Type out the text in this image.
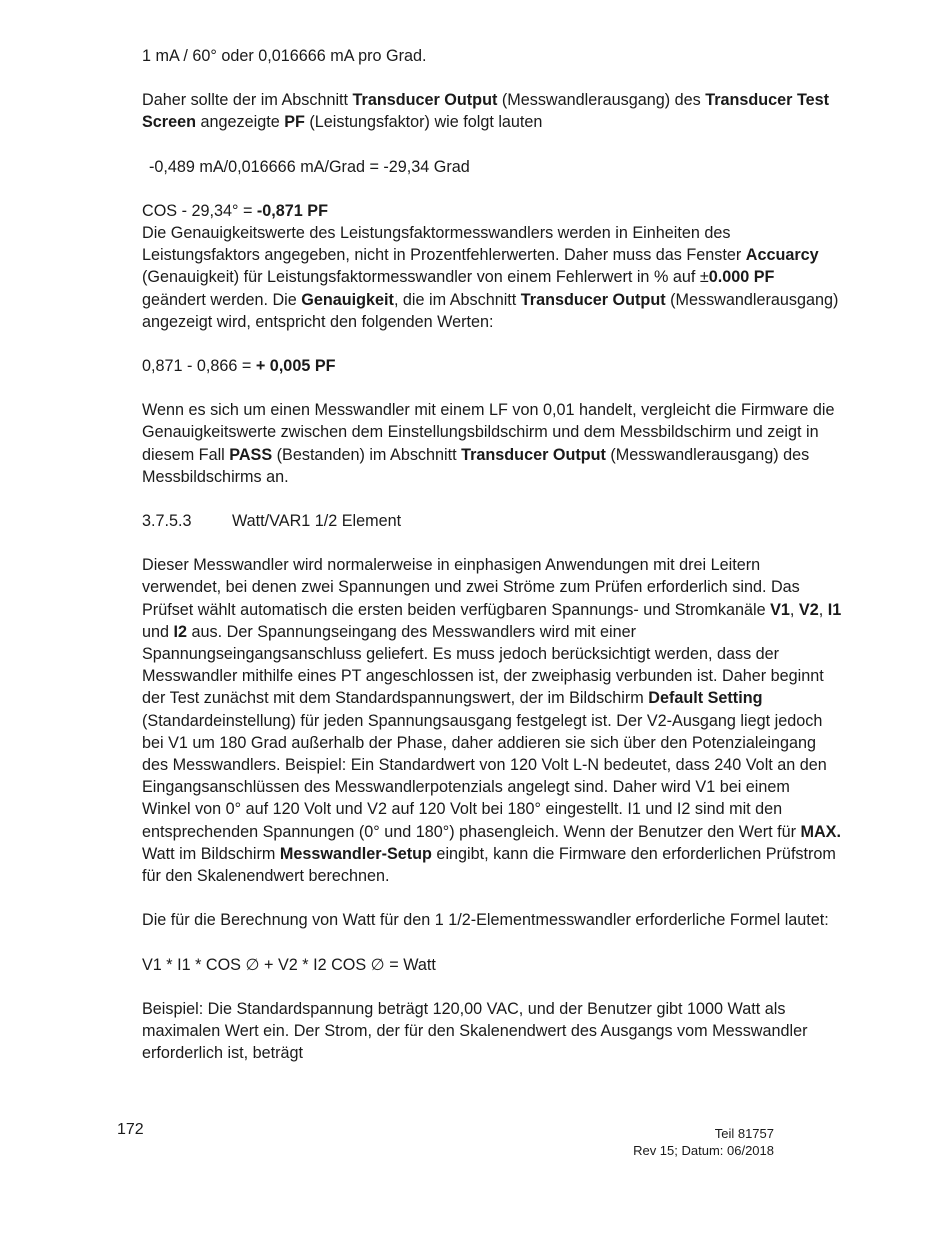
1 mA / 60° oder 0,016666 mA pro Grad.

Daher sollte der im Abschnitt Transducer Output (Messwandlerausgang) des Transducer Test Screen angezeigte PF (Leistungsfaktor) wie folgt lauten

-0,489 mA/0,016666 mA/Grad = -29,34 Grad

COS - 29,34° = -0,871 PF

Die Genauigkeitswerte des Leistungsfaktormesswandlers werden in Einheiten des Leistungsfaktors angegeben, nicht in Prozentfehlerwerten. Daher muss das Fenster Accuarcy (Genauigkeit) für Leistungsfaktormesswandler von einem Fehlerwert in % auf ±0.000 PF geändert werden. Die Genauigkeit, die im Abschnitt Transducer Output (Messwandlerausgang) angezeigt wird, entspricht den folgenden Werten:

0,871 - 0,866 = + 0,005 PF

Wenn es sich um einen Messwandler mit einem LF von 0,01 handelt, vergleicht die Firmware die Genauigkeitswerte zwischen dem Einstellungsbildschirm und dem Messbildschirm und zeigt in diesem Fall PASS (Bestanden) im Abschnitt Transducer Output (Messwandlerausgang) des Messbildschirms an.

3.7.5.3	Watt/VAR1 1/2 Element

Dieser Messwandler wird normalerweise in einphasigen Anwendungen mit drei Leitern verwendet, bei denen zwei Spannungen und zwei Ströme zum Prüfen erforderlich sind. Das Prüfset wählt automatisch die ersten beiden verfügbaren Spannungs- und Stromkanäle V1, V2, I1 und I2 aus. Der Spannungseingang des Messwandlers wird mit einer Spannungseingangsanschluss geliefert. Es muss jedoch berücksichtigt werden, dass der Messwandler mithilfe eines PT angeschlossen ist, der zweiphasig verbunden ist. Daher beginnt der Test zunächst mit dem Standardspannungswert, der im Bildschirm Default Setting (Standardeinstellung) für jeden Spannungsausgang festgelegt ist. Der V2-Ausgang liegt jedoch bei V1 um 180 Grad außerhalb der Phase, daher addieren sie sich über den Potenzialeingang des Messwandlers. Beispiel: Ein Standardwert von 120 Volt L-N bedeutet, dass 240 Volt an den Eingangsanschlüssen des Messwandlerpotenzials angelegt sind. Daher wird V1 bei einem Winkel von 0° auf 120 Volt und V2 auf 120 Volt bei 180° eingestellt. I1 und I2 sind mit den entsprechenden Spannungen (0° und 180°) phasengleich. Wenn der Benutzer den Wert für MAX. Watt im Bildschirm Messwandler-Setup eingibt, kann die Firmware den erforderlichen Prüfstrom für den Skalenendwert berechnen.

Die für die Berechnung von Watt für den 1 1/2-Elementmesswandler erforderliche Formel lautet:

V1 * I1 * COS ∅ + V2 * I2 COS ∅ = Watt

Beispiel: Die Standardspannung beträgt 120,00 VAC, und der Benutzer gibt 1000 Watt als maximalen Wert ein. Der Strom, der für den Skalenendwert des Ausgangs vom Messwandler erforderlich ist, beträgt

172	Teil 81757
Rev 15; Datum: 06/2018
